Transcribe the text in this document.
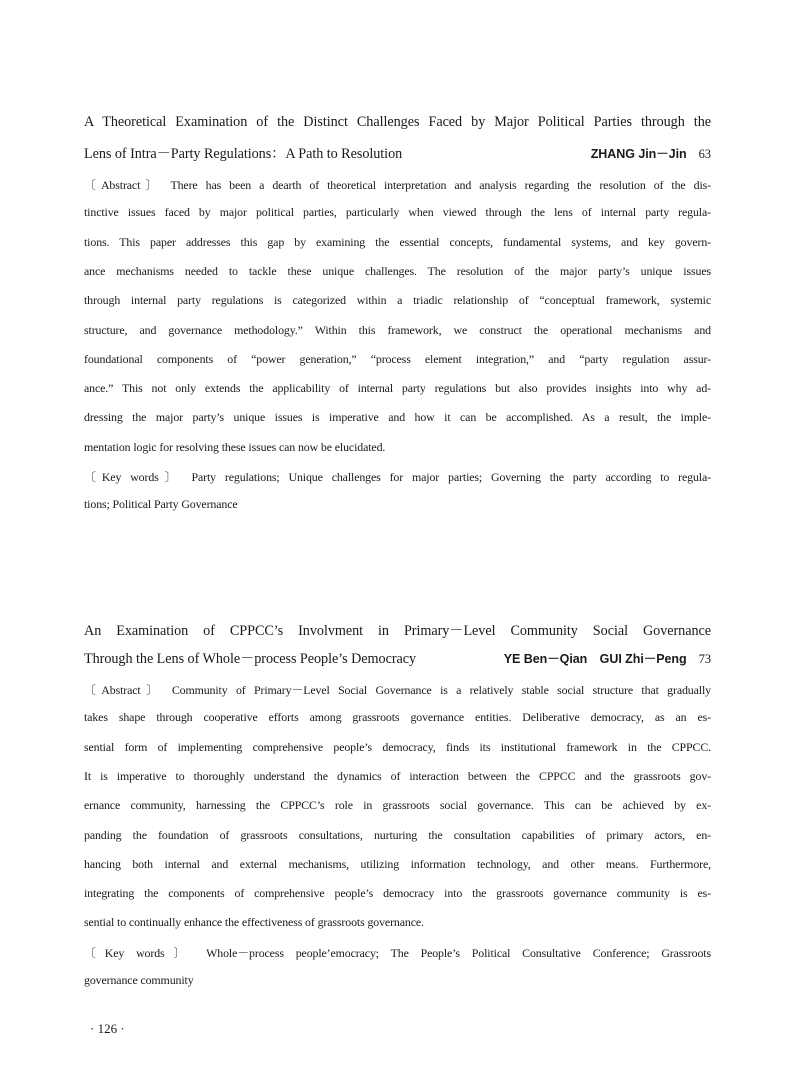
A Theoretical Examination of the Distinct Challenges Faced by Major Political Parties through the
Lens of Intra－Party Regulations：A Path to Resolution	ZHANG Jin－Jin 63
〔Abstract〕 There has been a dearth of theoretical interpretation and analysis regarding the resolution of the dis-
tinctive issues faced by major political parties, particularly when viewed through the lens of internal party regula-
tions. This paper addresses this gap by examining the essential concepts, fundamental systems, and key govern-
ance mechanisms needed to tackle these unique challenges. The resolution of the major party’s unique issues
through internal party regulations is categorized within a triadic relationship of “conceptual framework, systemic
structure, and governance methodology.” Within this framework, we construct the operational mechanisms and
foundational components of “power generation,” “process element integration,” and “party regulation assur-
ance.” This not only extends the applicability of internal party regulations but also provides insights into why ad-
dressing the major party’s unique issues is imperative and how it can be accomplished. As a result, the imple-
mentation logic for resolving these issues can now be elucidated.
〔Key words〕 Party regulations; Unique challenges for major parties; Governing the party according to regula-
tions; Political Party Governance
An Examination of CPPCC’s Involvment in Primary－Level Community Social Governance
Through the Lens of Whole－process People’s Democracy	YE Ben－Qian　GUI Zhi－Peng 73
〔Abstract〕 Community of Primary－Level Social Governance is a relatively stable social structure that gradually
takes shape through cooperative efforts among grassroots governance entities. Deliberative democracy, as an es-
sential form of implementing comprehensive people’s democracy, finds its institutional framework in the CPPCC.
It is imperative to thoroughly understand the dynamics of interaction between the CPPCC and the grassroots gov-
ernance community, harnessing the CPPCC’s role in grassroots social governance. This can be achieved by ex-
panding the foundation of grassroots consultations, nurturing the consultation capabilities of primary actors, en-
hancing both internal and external mechanisms, utilizing information technology, and other means. Furthermore,
integrating the components of comprehensive people’s democracy into the grassroots governance community is es-
sential to continually enhance the effectiveness of grassroots governance.
〔Key words〕 Whole－process people’emocracy; The People’s Political Consultative Conference; Grassroots
governance community
· 126 ·
